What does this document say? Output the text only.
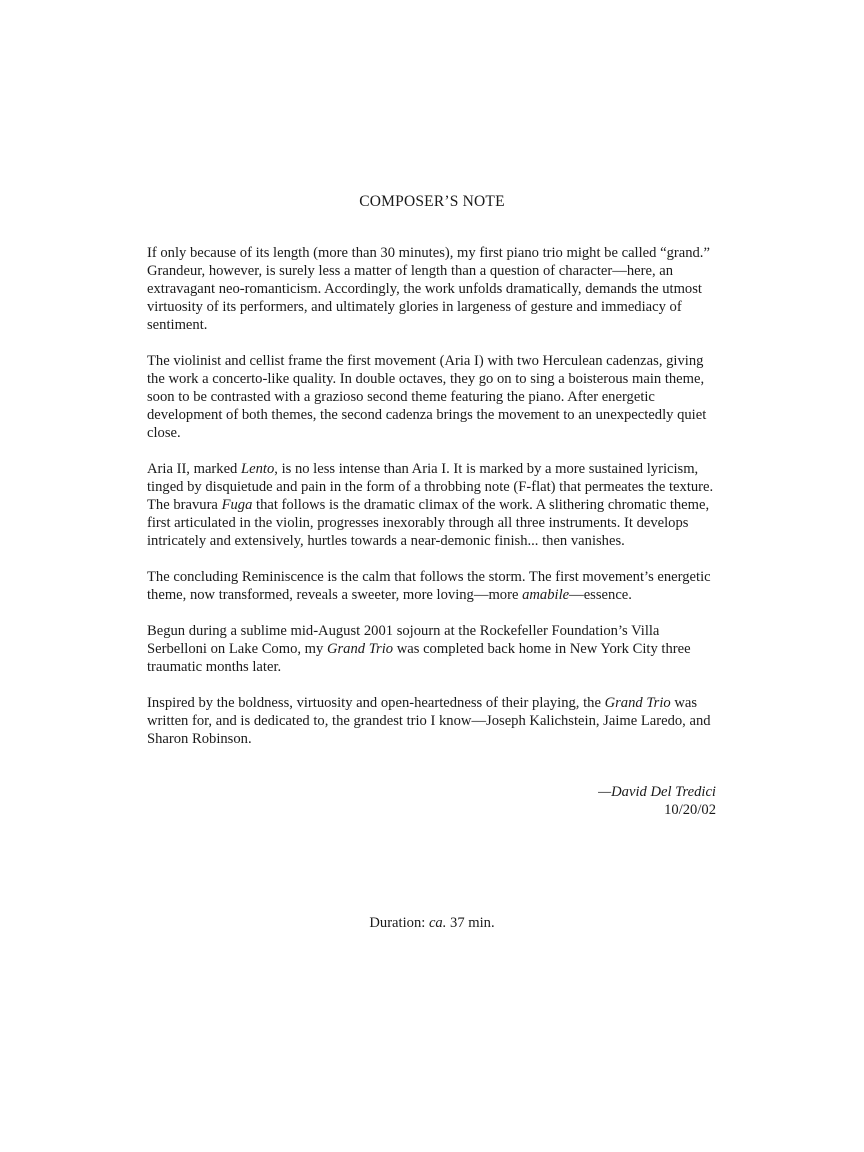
COMPOSER’S NOTE

If only because of its length (more than 30 minutes), my first piano trio might be called “grand.” Grandeur, however, is surely less a matter of length than a question of character—here, an extravagant neo-romanticism. Accordingly, the work unfolds dramatically, demands the utmost virtuosity of its performers, and ultimately glories in largeness of gesture and immediacy of sentiment.

The violinist and cellist frame the first movement (Aria I) with two Herculean cadenzas, giving the work a concerto-like quality. In double octaves, they go on to sing a boisterous main theme, soon to be contrasted with a grazioso second theme featuring the piano. After energetic development of both themes, the second cadenza brings the movement to an unexpectedly quiet close.

Aria II, marked Lento, is no less intense than Aria I. It is marked by a more sustained lyricism, tinged by disquietude and pain in the form of a throbbing note (F-flat) that permeates the texture. The bravura Fuga that follows is the dramatic climax of the work. A slithering chromatic theme, first articulated in the violin, progresses inexorably through all three instruments. It develops intricately and extensively, hurtles towards a near-demonic finish... then vanishes.

The concluding Reminiscence is the calm that follows the storm. The first movement’s energetic theme, now transformed, reveals a sweeter, more loving—more amabile—essence.

Begun during a sublime mid-August 2001 sojourn at the Rockefeller Foundation’s Villa Serbelloni on Lake Como, my Grand Trio was completed back home in New York City three traumatic months later.

Inspired by the boldness, virtuosity and open-heartedness of their playing, the Grand Trio was written for, and is dedicated to, the grandest trio I know—Joseph Kalichstein, Jaime Laredo, and Sharon Robinson.

—David Del Tredici
10/20/02
Duration: ca. 37 min.
